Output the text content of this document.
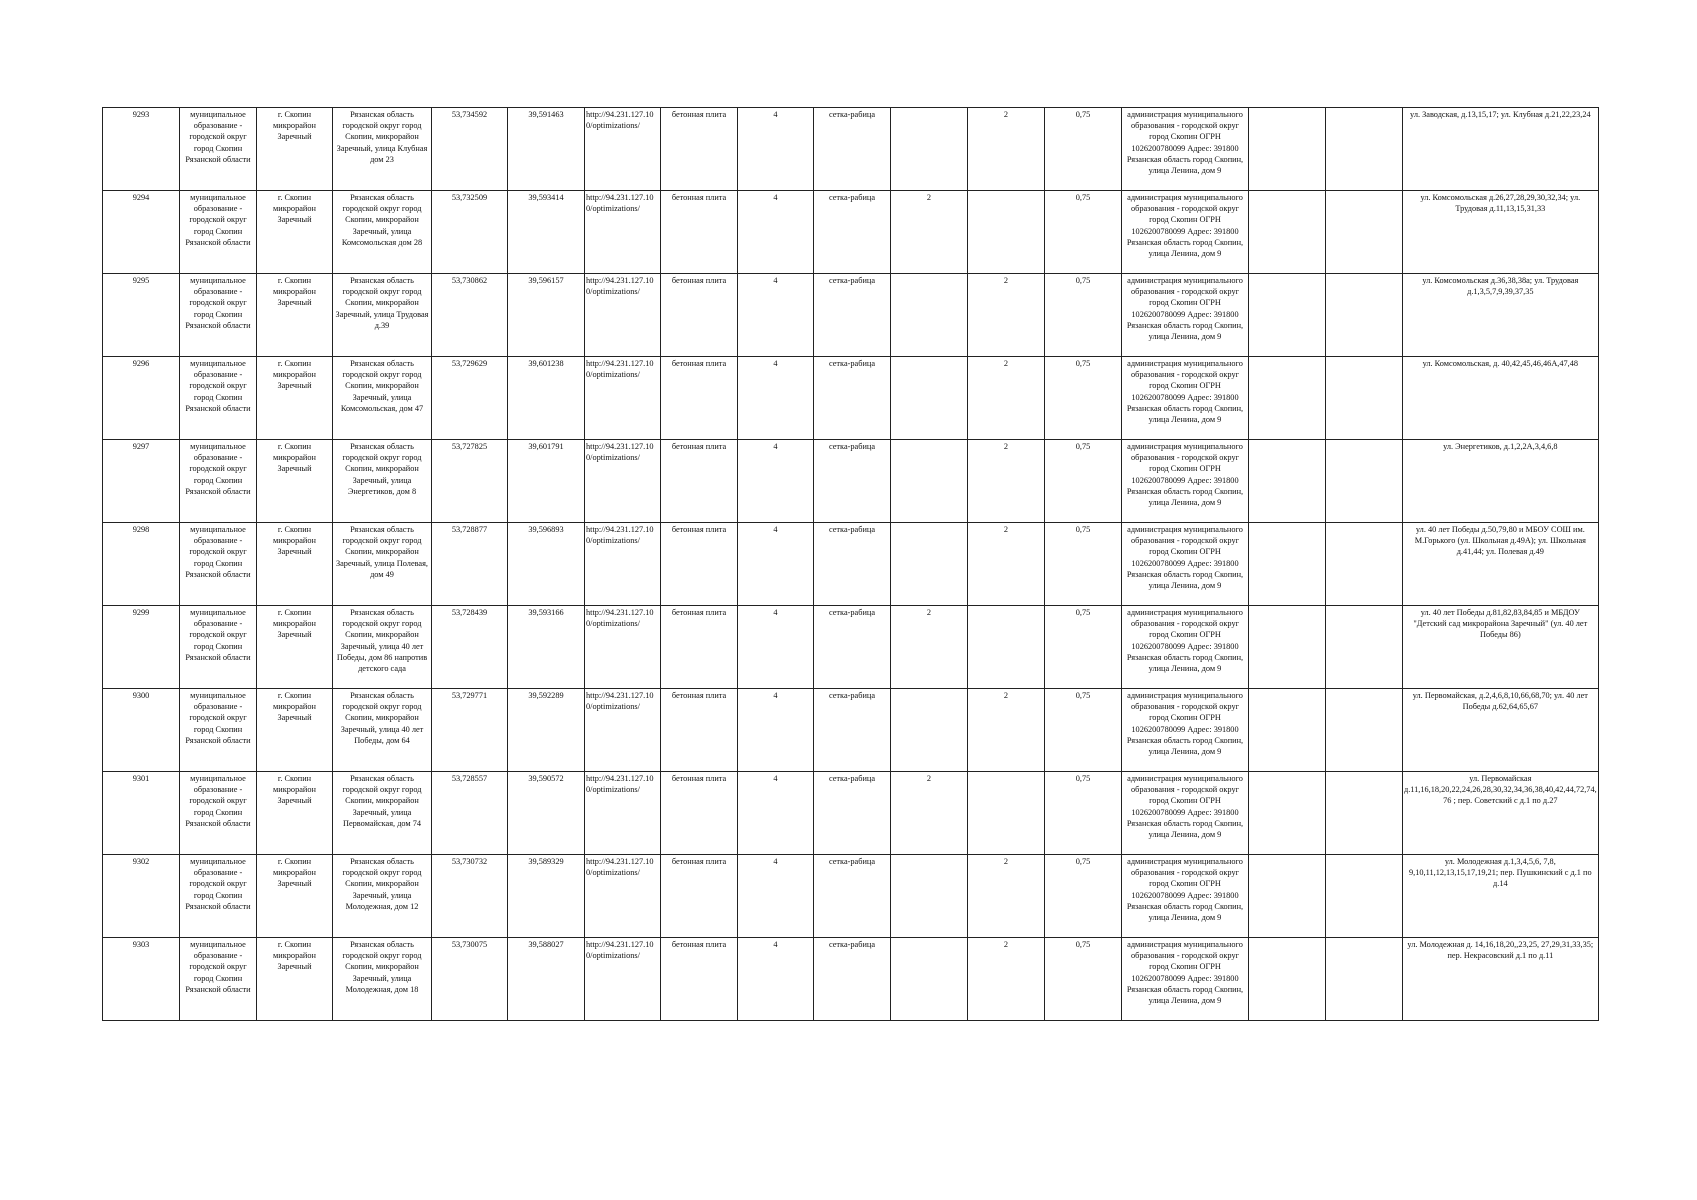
9293	муниципальное образование - городской округ город Скопин Рязанской области	г. Скопин микрорайон Заречный	Рязанская область городской округ город Скопин, микрорайон Заречный, улица Клубная дом 23	53,734592	39,591463	http://94.231.127.100/optimizations/	бетонная плита	4	сетка-рабица		2	0,75	администрация муниципального образования - городской округ город Скопин ОГРН 1026200780099 Адрес: 391800 Рязанская область город Скопин, улица Ленина, дом 9			ул. Заводская, д.13,15,17; ул. Клубная д.21,22,23,24
9294	муниципальное образование - городской округ город Скопин Рязанской области	г. Скопин микрорайон Заречный	Рязанская область городской округ город Скопин, микрорайон Заречный, улица Комсомольская дом 28	53,732509	39,593414	http://94.231.127.100/optimizations/	бетонная плита	4	сетка-рабица	2		0,75	администрация муниципального образования - городской округ город Скопин ОГРН 1026200780099 Адрес: 391800 Рязанская область город Скопин, улица Ленина, дом 9			ул. Комсомольская д.26,27,28,29,30,32,34; ул. Трудовая д.11,13,15,31,33
9295	муниципальное образование - городской округ город Скопин Рязанской области	г. Скопин микрорайон Заречный	Рязанская область городской округ город Скопин, микрорайон Заречный, улица Трудовая д.39	53,730862	39,596157	http://94.231.127.100/optimizations/	бетонная плита	4	сетка-рабица		2	0,75	администрация муниципального образования - городской округ город Скопин ОГРН 1026200780099 Адрес: 391800 Рязанская область город Скопин, улица Ленина, дом 9			ул. Комсомольская д.36,38,38а; ул. Трудовая д.1,3,5,7,9,39,37,35
9296	муниципальное образование - городской округ город Скопин Рязанской области	г. Скопин микрорайон Заречный	Рязанская область городской округ город Скопин, микрорайон Заречный, улица Комсомольская, дом 47	53,729629	39,601238	http://94.231.127.100/optimizations/	бетонная плита	4	сетка-рабица		2	0,75	администрация муниципального образования - городской округ город Скопин ОГРН 1026200780099 Адрес: 391800 Рязанская область город Скопин, улица Ленина, дом 9			ул. Комсомольская, д. 40,42,45,46,46А,47,48
9297	муниципальное образование - городской округ город Скопин Рязанской области	г. Скопин микрорайон Заречный	Рязанская область городской округ город Скопин, микрорайон Заречный, улица Энергетиков, дом 8	53,727825	39,601791	http://94.231.127.100/optimizations/	бетонная плита	4	сетка-рабица		2	0,75	администрация муниципального образования - городской округ город Скопин ОГРН 1026200780099 Адрес: 391800 Рязанская область город Скопин, улица Ленина, дом 9			ул. Энергетиков, д.1,2,2А,3,4,6,8
9298	муниципальное образование - городской округ город Скопин Рязанской области	г. Скопин микрорайон Заречный	Рязанская область городской округ город Скопин, микрорайон Заречный, улица Полевая, дом 49	53,728877	39,596893	http://94.231.127.100/optimizations/	бетонная плита	4	сетка-рабица		2	0,75	администрация муниципального образования - городской округ город Скопин ОГРН 1026200780099 Адрес: 391800 Рязанская область город Скопин, улица Ленина, дом 9			ул. 40 лет Победы д.50,79,80 и МБОУ СОШ им. М.Горького (ул. Школьная д.49А); ул. Школьная д.41,44; ул. Полевая д.49
9299	муниципальное образование - городской округ город Скопин Рязанской области	г. Скопин микрорайон Заречный	Рязанская область городской округ город Скопин, микрорайон Заречный, улица 40 лет Победы, дом 86 напротив детского сада	53,728439	39,593166	http://94.231.127.100/optimizations/	бетонная плита	4	сетка-рабица	2		0,75	администрация муниципального образования - городской округ город Скопин ОГРН 1026200780099 Адрес: 391800 Рязанская область город Скопин, улица Ленина, дом 9			ул. 40 лет Победы д.81,82,83,84,85 и МБДОУ "Детский сад микрорайона Заречный" (ул. 40 лет Победы 86)
9300	муниципальное образование - городской округ город Скопин Рязанской области	г. Скопин микрорайон Заречный	Рязанская область городской округ город Скопин, микрорайон Заречный, улица 40 лет Победы, дом 64	53,729771	39,592289	http://94.231.127.100/optimizations/	бетонная плита	4	сетка-рабица		2	0,75	администрация муниципального образования - городской округ город Скопин ОГРН 1026200780099 Адрес: 391800 Рязанская область город Скопин, улица Ленина, дом 9			ул. Первомайская, д.2,4,6,8,10,66,68,70; ул. 40 лет Победы д.62,64,65,67
9301	муниципальное образование - городской округ город Скопин Рязанской области	г. Скопин микрорайон Заречный	Рязанская область городской округ город Скопин, микрорайон Заречный, улица Первомайская, дом 74	53,728557	39,590572	http://94.231.127.100/optimizations/	бетонная плита	4	сетка-рабица	2		0,75	администрация муниципального образования - городской округ город Скопин ОГРН 1026200780099 Адрес: 391800 Рязанская область город Скопин, улица Ленина, дом 9			ул. Первомайская д.11,16,18,20,22,24,26,28,30,32,34,36,38,40,42,44,72,74, 76 ; пер. Советский с д.1 по д.27
9302	муниципальное образование - городской округ город Скопин Рязанской области	г. Скопин микрорайон Заречный	Рязанская область городской округ город Скопин, микрорайон Заречный, улица Молодежная, дом 12	53,730732	39,589329	http://94.231.127.100/optimizations/	бетонная плита	4	сетка-рабица		2	0,75	администрация муниципального образования - городской округ город Скопин ОГРН 1026200780099 Адрес: 391800 Рязанская область город Скопин, улица Ленина, дом 9			ул. Молодежная д.1,3,4,5,6, 7,8, 9,10,11,12,13,15,17,19,21; пер. Пушкинский с д.1 по д.14
9303	муниципальное образование - городской округ город Скопин Рязанской области	г. Скопин микрорайон Заречный	Рязанская область городской округ город Скопин, микрорайон Заречный, улица Молодежная, дом 18	53,730075	39,588027	http://94.231.127.100/optimizations/	бетонная плита	4	сетка-рабица		2	0,75	администрация муниципального образования - городской округ город Скопин ОГРН 1026200780099 Адрес: 391800 Рязанская область город Скопин, улица Ленина, дом 9			ул. Молодежная д. 14,16,18,20,,23,25, 27,29,31,33,35; пер. Некрасовский д.1 по д.11
